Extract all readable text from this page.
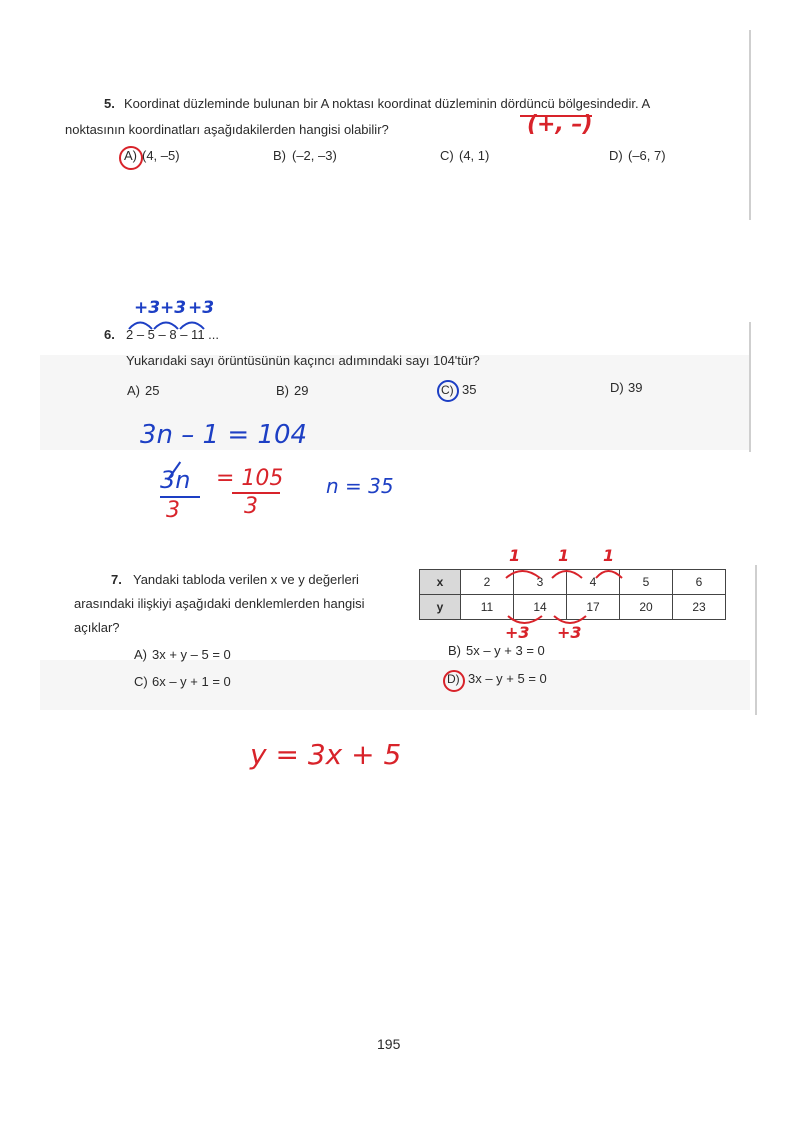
5. Koordinat düzleminde bulunan bir A noktası koordinat düzleminin dördüncü bölgesindedir. A
noktasının koordinatları aşağıdakilerden hangisi olabilir?	(+, –)
A) (4, –5)	B) (–2, –3)	C) (4, 1)	D) (–6, 7)
+3 +3 +3
6. 2 – 5 – 8 – 11 ...
Yukarıdaki sayı örüntüsünün kaçıncı adımındaki sayı 104'tür?
A) 25	B) 29	C) 35	D) 39
3n – 1 = 104
3n = 105
3	3
n = 35
7. Yandaki tabloda verilen x ve y değerleri
arasındaki ilişkiyi aşağıdaki denklemlerden hangisi
açıklar?
1 1 1
x	2	3	4	5	6
y	11	14	17	20	23
+3 +3
A) 3x + y – 5 = 0	B) 5x – y + 3 = 0
C) 6x – y + 1 = 0	D) 3x – y + 5 = 0
y = 3x + 5
195
